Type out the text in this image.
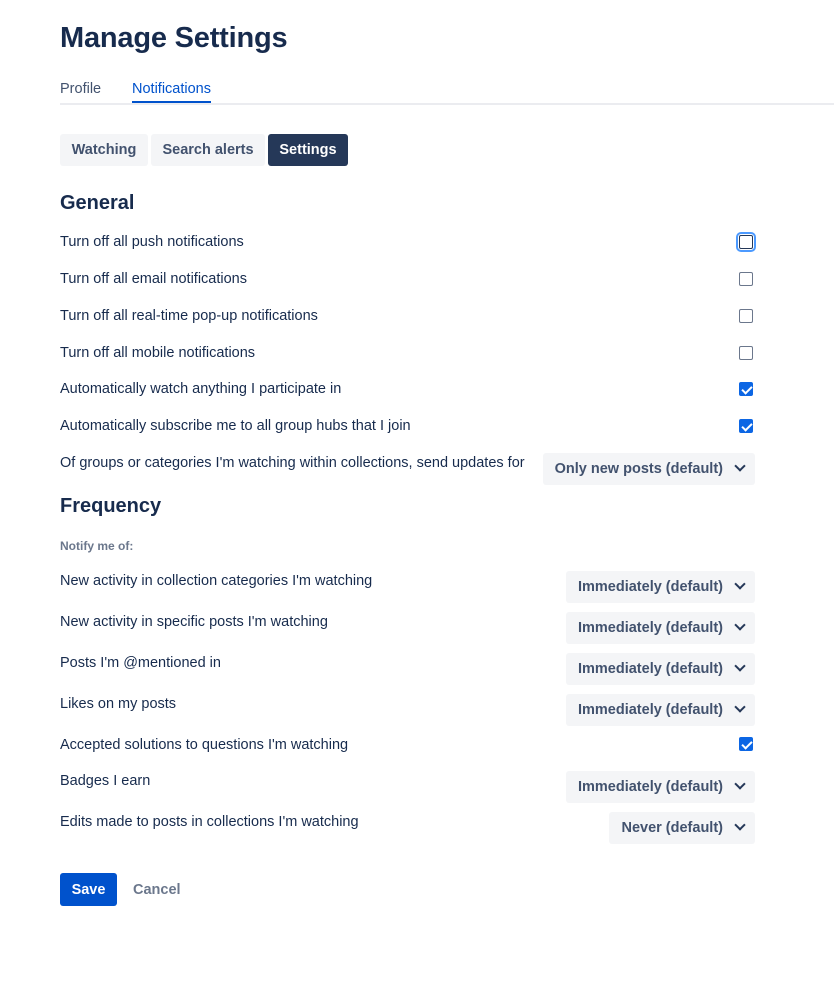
Manage Settings
Profile Notifications
Watching	Search alerts	Settings
General
Turn off all push notifications
Turn off all email notifications
Turn off all real-time pop-up notifications
Turn off all mobile notifications
Automatically watch anything I participate in
Automatically subscribe me to all group hubs that I join
Of groups or categories I'm watching within collections, send updates for Only new posts (default)
Frequency
Notify me of:
New activity in collection categories I'm watching	Immediately (default)
New activity in specific posts I'm watching	Immediately (default)
Posts I'm @mentioned in	Immediately (default)
Likes on my posts	Immediately (default)
Accepted solutions to questions I'm watching
Badges I earn	Immediately (default)
Edits made to posts in collections I'm watching	Never (default)
Save	Cancel
